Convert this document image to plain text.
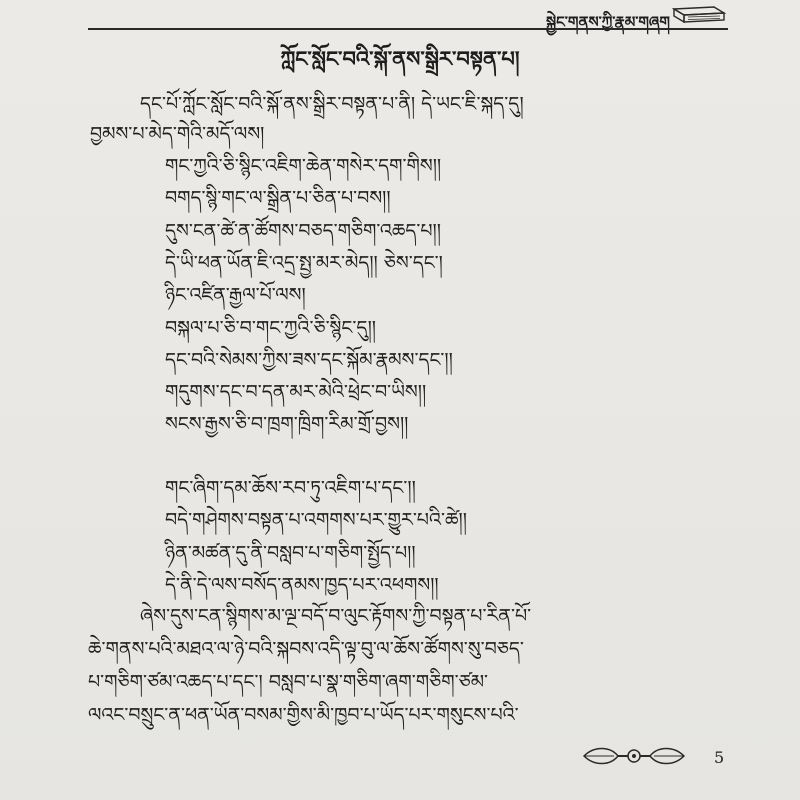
སྐྱེང་གནས་ཀྱི་རྣམ་གཞག
ཀློང་སློང་བའི་སྐོ་ནས་སྒྲིར་བསྟན་པ།
དང་པོ་ཀློང་སློང་བའི་སྐོ་ནས་སྒྲིར་བསྟན་པ་ནི། དེ་ཡང་ཇི་སྐད་དུ།
བྱམས་པ་མེད་གེའི་མདོ་ལས།
གང་ཀྱའི་ཅི་སྙིང་འཇིག་ཆེན་གསེར་དག་གིས།།
བགད་སྙི་གང་ལ་སྒྲིན་པ་ཅིན་པ་བས།།
དུས་ངན་ཚེ་ན་ཚོགས་བཅད་གཅིག་འཆད་པ།།
དེ་ཡི་ཕན་ཡོན་ཇི་འདྲ་སྤྱ་མར་མེད།། ཅེས་དང་།
ཉིང་འཛིན་རྒྱལ་པོ་ལས།
བསྐལ་པ་ཅི་བ་གང་ཀྱའི་ཅི་སྙིང་དུ།།
དང་བའི་སེམས་ཀྱིས་ཟས་དང་སྐོམ་རྣམས་དང་།།
གདུགས་དང་བ་དན་མར་མེའི་ཕྲེང་བ་ཡིས།།
སངས་རྒྱས་ཅི་བ་ཁྲག་ཁྲིག་རིམ་གྲོ་བྱས།།
གང་ཞིག་དམ་ཆོས་རབ་ཏུ་འཇིག་པ་དང་།།
བདེ་གཤེགས་བསྟན་པ་འགགས་པར་གྱུར་པའི་ཚེ།།
ཉིན་མཚན་དུ་ནི་བསླབ་པ་གཅིག་སྤྱོད་པ།།
དེ་ནི་དེ་ལས་བསོད་ནམས་ཁྱད་པར་འཕགས།།
ཞེས་དུས་ངན་སྙིགས་མ་ལྔ་བདོ་བ་ལུང་རྟོགས་ཀྱི་བསྟན་པ་རིན་པོ་
ཆེ་གནས་པའི་མཐའ་ལ་ཉེ་བའི་སྐབས་འདི་ལྟ་བུ་ལ་ཆོས་ཚོགས་སུ་བཅད་
པ་གཅིག་ཙམ་འཆད་པ་དང་། བསླབ་པ་སྣ་གཅིག་ཞག་གཅིག་ཙམ་
ལའང་བསྲུང་ན་ཕན་ཡོན་བསམ་གྱིས་མི་ཁྱབ་པ་ཡོད་པར་གསུངས་པའི་
5
